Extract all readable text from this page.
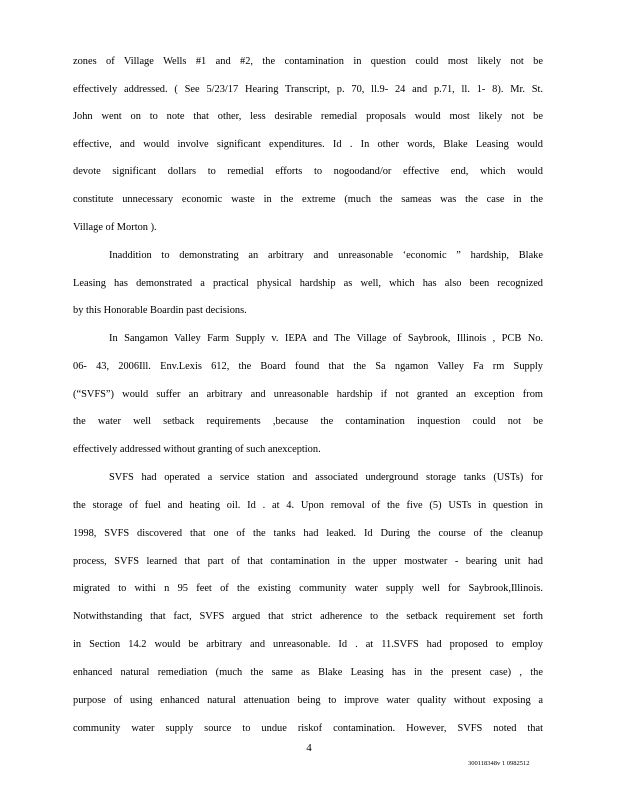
zones of Village Wells #1 and #2, the contamination in question could most likely not be
effectively addressed. ( See 5/23/17 Hearing Transcript, p. 70, ll.9- 24 and p.71, ll. 1- 8). Mr. St.
John went on to note that other, less desirable remedial proposals would most likely not be
effective, and would involve significant expenditures. Id . In other words, Blake Leasing would
devote significant dollars to remedial efforts to nogoodand/or effective end, which would
constitute unnecessary economic waste in the extreme (much the sameas was the case in the
Village of Morton ).
Inaddition to demonstrating an arbitrary and unreasonable ‘economic ” hardship, Blake
Leasing has demonstrated a practical physical hardship as well, which has also been recognized
by this Honorable Boardin past decisions.
In Sangamon Valley Farm Supply v. IEPA and The Village of Saybrook, Illinois , PCB No.
06- 43, 2006Ill. Env.Lexis 612, the Board found that the Sa ngamon Valley Fa rm Supply
(“SVFS”) would suffer an arbitrary and unreasonable hardship if not granted an exception from
the water well setback requirements ,because the contamination inquestion could not be
effectively addressed without granting of such anexception.
SVFS had operated a service station and associated underground storage tanks (USTs) for
the storage of fuel and heating oil. Id . at 4. Upon removal of the five (5) USTs in question in
1998, SVFS discovered that one of the tanks had leaked. Id During the course of the cleanup
process, SVFS learned that part of that contamination in the upper mostwater - bearing unit had
migrated to withi n 95 feet of the existing community water supply well for Saybrook,Illinois.
Notwithstanding that fact, SVFS argued that strict adherence to the setback requirement set forth
in Section 14.2 would be arbitrary and unreasonable. Id . at 11.SVFS had proposed to employ
enhanced natural remediation (much the same as Blake Leasing has in the present case) , the
purpose of using enhanced natural attenuation being to improve water quality without exposing a
community water supply source to undue riskof contamination. However, SVFS noted that
4
300118348v 1 0982512
